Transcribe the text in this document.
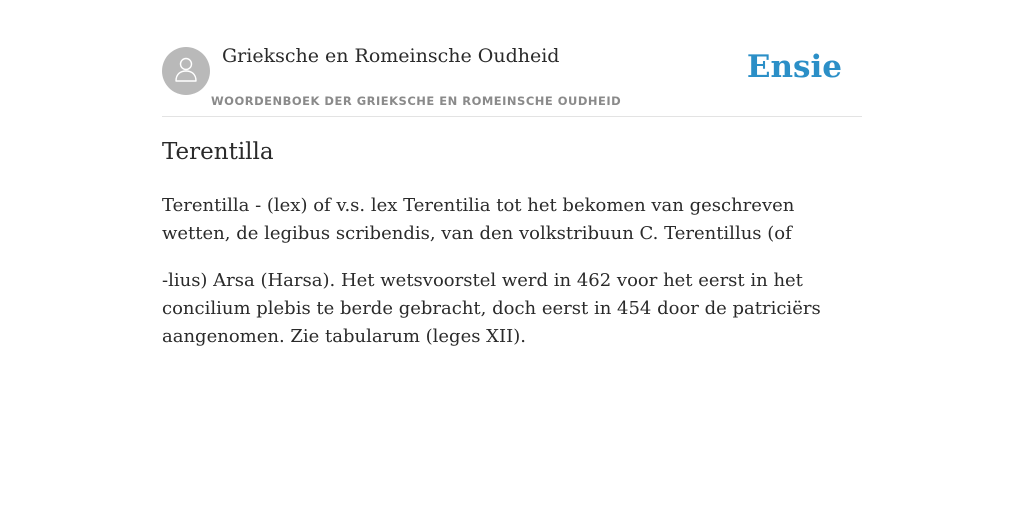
Grieksche en Romeinsche Oudheid
WOORDENBOEK DER GRIEKSCHE EN ROMEINSCHE OUDHEID
Ensie
Terentilla

Terentilla - (lex) of v.s. lex Terentilia tot het bekomen van geschreven wetten, de legibus scribendis, van den volkstribuun C. Terentillus (of

-lius) Arsa (Harsa). Het wetsvoorstel werd in 462 voor het eerst in het concilium plebis te berde gebracht, doch eerst in 454 door de patriciërs aangenomen. Zie tabularum (leges XII).
